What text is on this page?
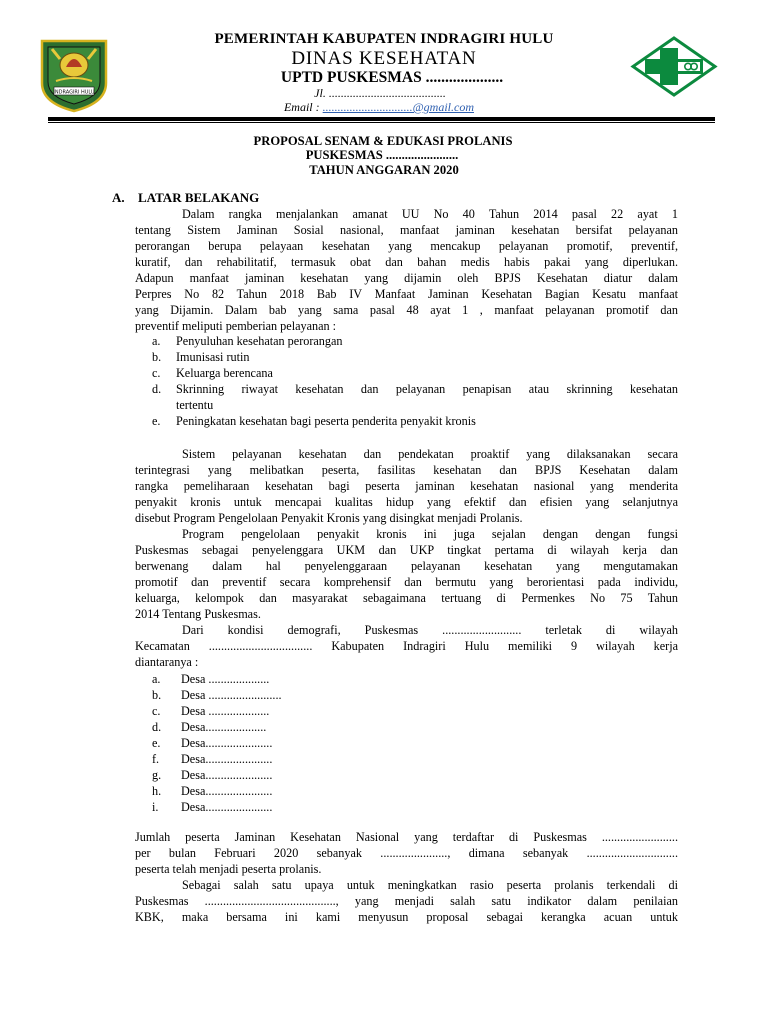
INDRAGIRI HULU
PEMERINTAH KABUPATEN INDRAGIRI HULU
DINAS KESEHATAN
UPTD PUSKESMAS ....................
Jl. .......................................
Email : ..............................@gmail.com
PROPOSAL SENAM & EDUKASI PROLANIS
PUSKESMAS .......................
TAHUN ANGGARAN 2020
A. LATAR BELAKANG
Dalam rangka menjalankan amanat UU No 40 Tahun 2014 pasal 22 ayat 1
tentang Sistem Jaminan Sosial nasional, manfaat jaminan kesehatan bersifat pelayanan
perorangan berupa pelayaan kesehatan yang mencakup pelayanan promotif, preventif,
kuratif, dan rehabilitatif, termasuk obat dan bahan medis habis pakai yang diperlukan.
Adapun manfaat jaminan kesehatan yang dijamin oleh BPJS Kesehatan diatur dalam
Perpres No 82 Tahun 2018 Bab IV Manfaat Jaminan Kesehatan Bagian Kesatu manfaat
yang Dijamin. Dalam bab yang sama pasal 48 ayat 1 , manfaat pelayanan promotif dan
preventif meliputi pemberian pelayanan :
a. Penyuluhan kesehatan perorangan
b. Imunisasi rutin
c. Keluarga berencana
d. Skrinning riwayat kesehatan dan pelayanan penapisan atau skrinning kesehatan
tertentu
e. Peningkatan kesehatan bagi peserta penderita penyakit kronis
Sistem pelayanan kesehatan dan pendekatan proaktif yang dilaksanakan secara
terintegrasi yang melibatkan peserta, fasilitas kesehatan dan BPJS Kesehatan dalam
rangka pemeliharaan kesehatan bagi peserta jaminan kesehatan nasional yang menderita
penyakit kronis untuk mencapai kualitas hidup yang efektif dan efisien yang selanjutnya
disebut Program Pengelolaan Penyakit Kronis yang disingkat menjadi Prolanis.
Program pengelolaan penyakit kronis ini juga sejalan dengan dengan fungsi
Puskesmas sebagai penyelenggara UKM dan UKP tingkat pertama di wilayah kerja dan
berwenang dalam hal penyelenggaraan pelayanan kesehatan yang mengutamakan
promotif dan preventif secara komprehensif dan bermutu yang berorientasi pada individu,
keluarga, kelompok dan masyarakat sebagaimana tertuang di Permenkes No 75 Tahun
2014 Tentang Puskesmas.
Dari kondisi demografi, Puskesmas .......................... terletak di wilayah
Kecamatan .................................. Kabupaten Indragiri Hulu memiliki 9 wilayah kerja
diantaranya :
a. Desa ....................
b. Desa ........................
c. Desa ....................
d. Desa....................
e. Desa......................
f. Desa......................
g. Desa......................
h. Desa......................
i. Desa......................
Jumlah peserta Jaminan Kesehatan Nasional yang terdaftar di Puskesmas .........................
per bulan Februari 2020 sebanyak ......................, dimana sebanyak ..............................
peserta telah menjadi peserta prolanis.
Sebagai salah satu upaya untuk meningkatkan rasio peserta prolanis terkendali di
Puskesmas ..........................................., yang menjadi salah satu indikator dalam penilaian
KBK, maka bersama ini kami menyusun proposal sebagai kerangka acuan untuk
